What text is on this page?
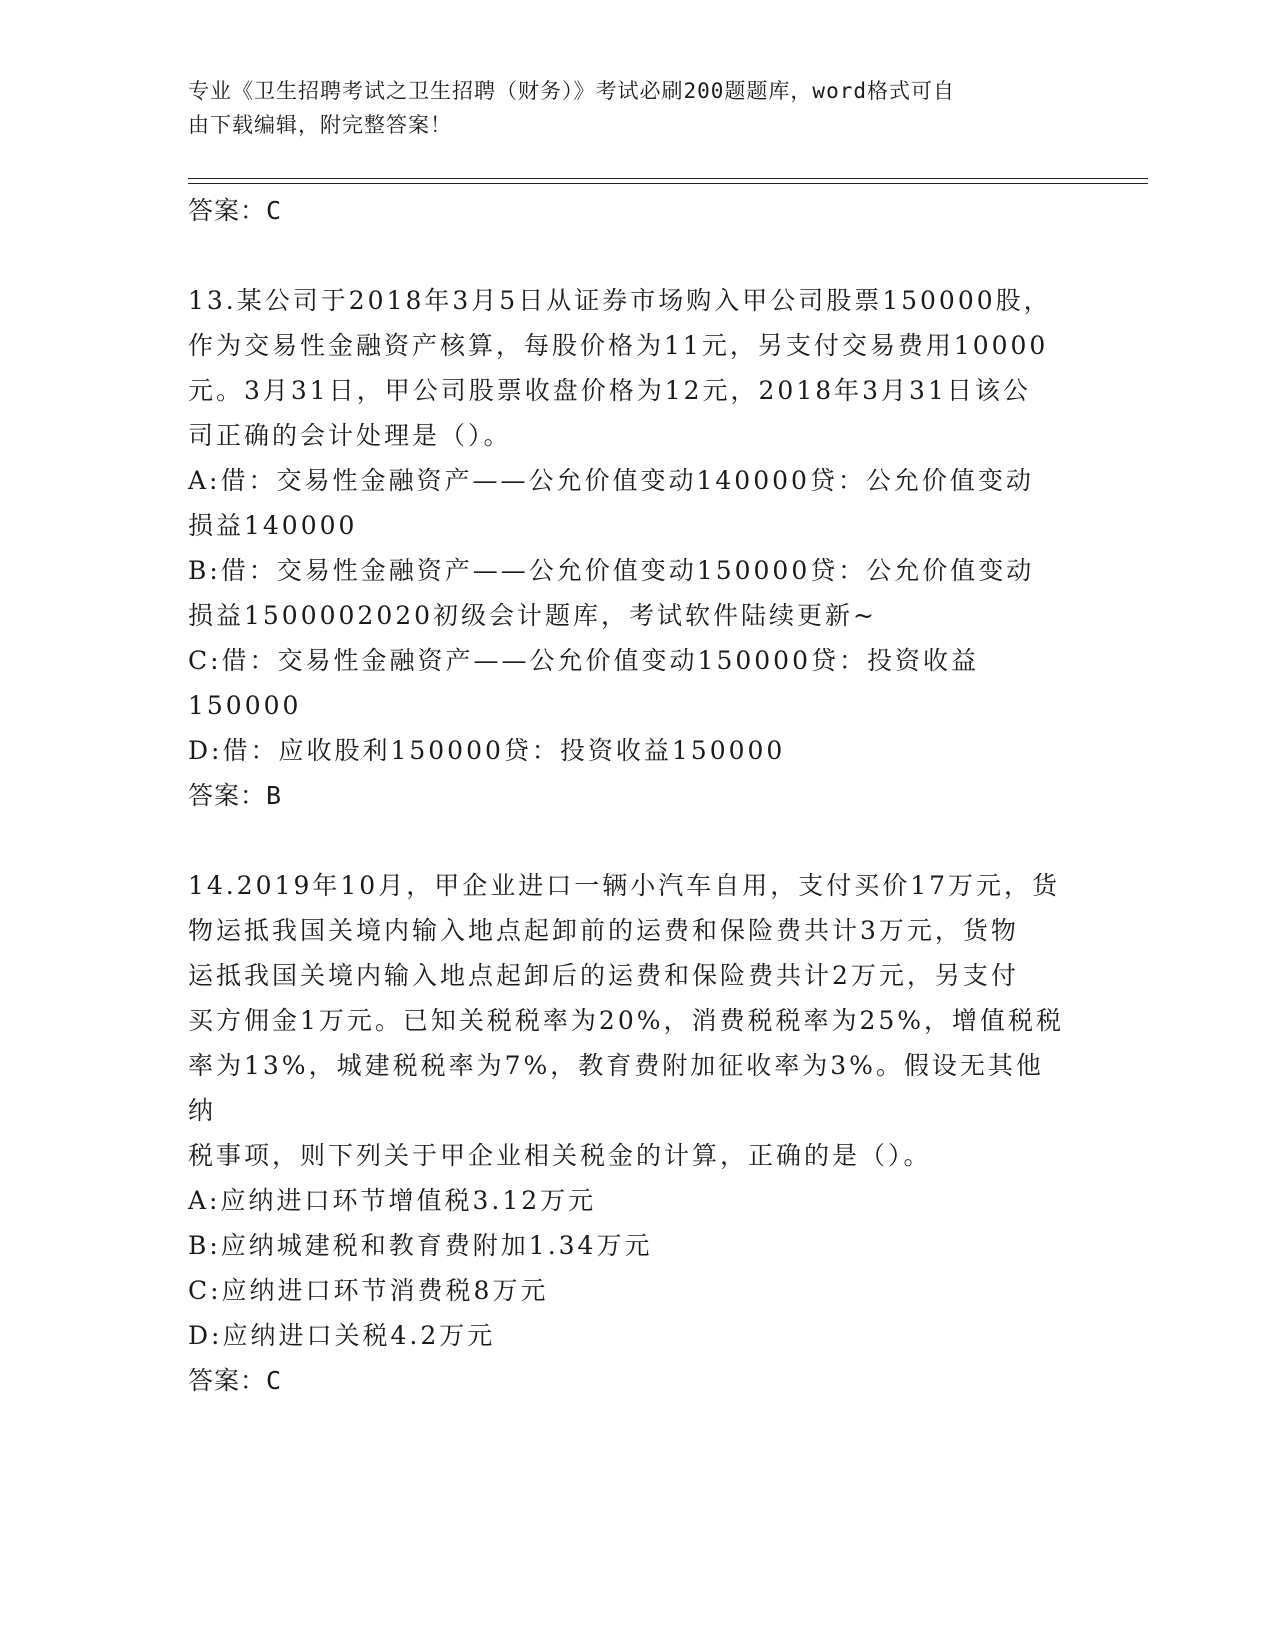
专业《卫生招聘考试之卫生招聘（财务）》考试必刷200题题库，word格式可自
由下载编辑，附完整答案！
答案：C
13.某公司于2018年3月5日从证券市场购入甲公司股票150000股，
作为交易性金融资产核算，每股价格为11元，另支付交易费用10000
元。3月31日，甲公司股票收盘价格为12元，2018年3月31日该公
司正确的会计处理是（）。
A:借：交易性金融资产——公允价值变动140000贷：公允价值变动
损益140000
B:借：交易性金融资产——公允价值变动150000贷：公允价值变动
损益1500002020初级会计题库，考试软件陆续更新~
C:借：交易性金融资产——公允价值变动150000贷：投资收益
150000
D:借：应收股利150000贷：投资收益150000
答案：B
14.2019年10月，甲企业进口一辆小汽车自用，支付买价17万元，货
物运抵我国关境内输入地点起卸前的运费和保险费共计3万元，货物
运抵我国关境内输入地点起卸后的运费和保险费共计2万元，另支付
买方佣金1万元。已知关税税率为20%，消费税税率为25%，增值税税
率为13%，城建税税率为7%，教育费附加征收率为3%。假设无其他纳
税事项，则下列关于甲企业相关税金的计算，正确的是（）。
A:应纳进口环节增值税3.12万元
B:应纳城建税和教育费附加1.34万元
C:应纳进口环节消费税8万元
D:应纳进口关税4.2万元
答案：C
